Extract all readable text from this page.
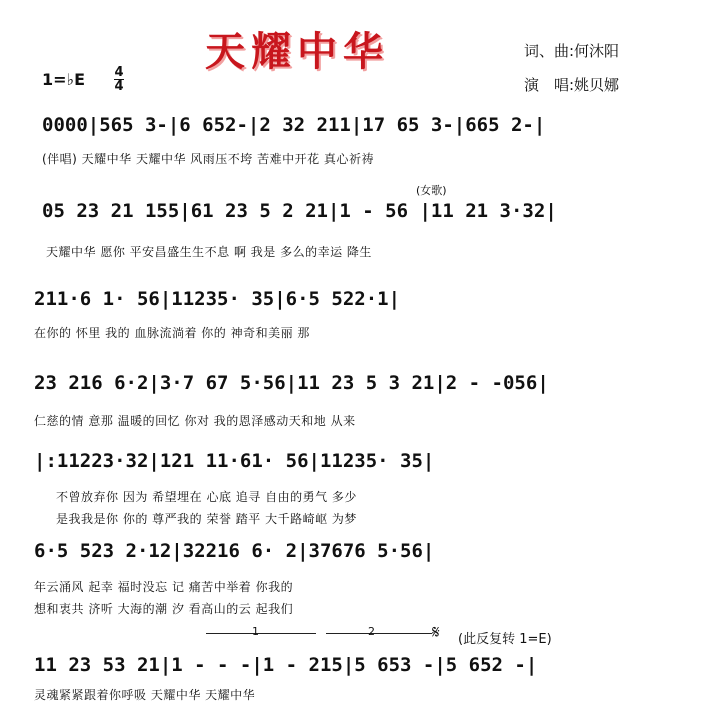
天耀中华	词、曲:何沐阳
演　唱:姚贝娜
1=♭E 4
4
0000|565 3-|6 652-|2 32 211|17 65 3-|665 2-|
(伴唱) 天耀中华 天耀中华 风雨压不垮 苦难中开花 真心祈祷
(女歌)
05 23 21 155|61 23 5 2 21|1 - 56 |11 21 3·32|
天耀中华 愿你 平安昌盛生生不息 啊 我是 多么的幸运 降生
211·6 1· 56|11235· 35|6·5 522·1|
在你的 怀里 我的 血脉流淌着 你的 神奇和美丽 那
23 216 6·2|3·7 67 5·56|11 23 5 3 21|2 - -056|
仁慈的情 意那 温暖的回忆 你对 我的恩泽感动天和地 从来
|:11223·32|121 11·61· 56|11235· 35|
不曾放弃你 因为 希望埋在 心底 追寻 自由的勇气 多少
是我我是你 你的 尊严我的 荣誉 踏平 大千路崎岖 为梦
6·5 523 2·12|32216 6· 2|37676 5·56|
年云涌风 起幸 福时没忘 记 痛苦中举着 你我的
想和衷共 济听 大海的潮 汐 看高山的云 起我们
1	2	𝄋 (此反复转 1=E)
11 23 53 21|1 - - -|1 - 215|5 653 -|5 652 -|
灵魂紧紧跟着你呼吸 天耀中华 天耀中华
